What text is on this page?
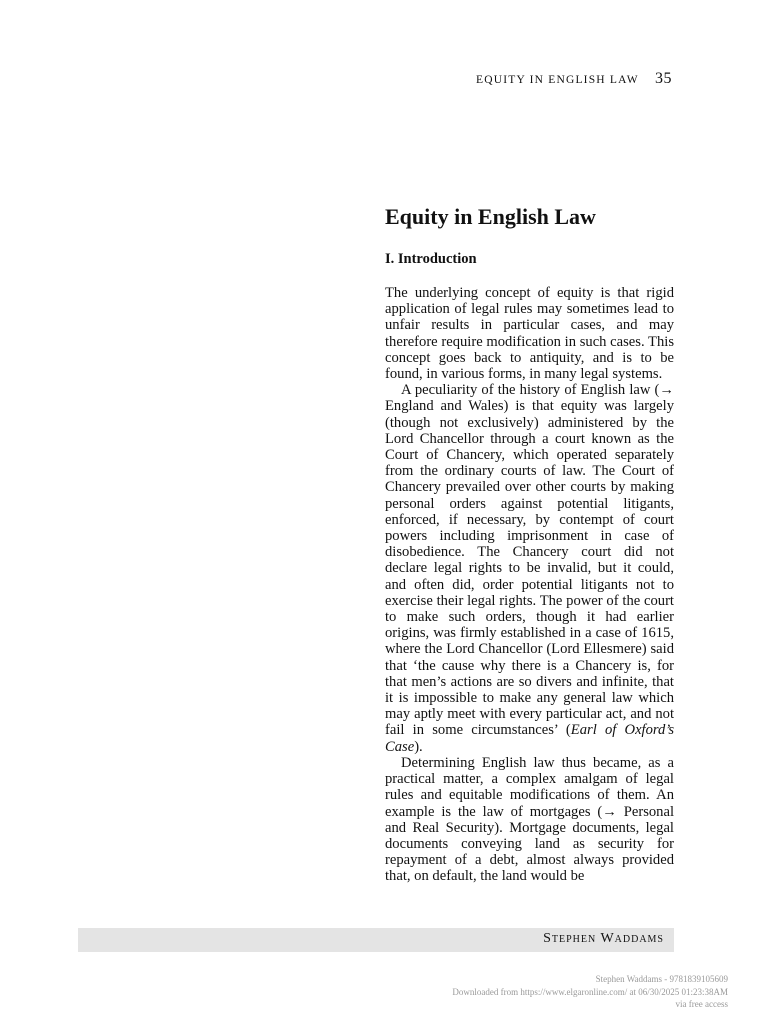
EQUITY IN ENGLISH LAW 35
Equity in English Law
I. Introduction

The underlying concept of equity is that rigid application of legal rules may sometimes lead to unfair results in particular cases, and may therefore require modification in such cases. This concept goes back to antiquity, and is to be found, in various forms, in many legal systems.

A peculiarity of the history of English law (→ England and Wales) is that equity was largely (though not exclusively) administered by the Lord Chancellor through a court known as the Court of Chancery, which operated separately from the ordinary courts of law. The Court of Chancery prevailed over other courts by making personal orders against potential litigants, enforced, if necessary, by contempt of court powers including imprisonment in case of disobedience. The Chancery court did not declare legal rights to be invalid, but it could, and often did, order potential litigants not to exercise their legal rights. The power of the court to make such orders, though it had earlier origins, was firmly established in a case of 1615, where the Lord Chancellor (Lord Ellesmere) said that ‘the cause why there is a Chancery is, for that men’s actions are so divers and infinite, that it is impossible to make any general law which may aptly meet with every particular act, and not fail in some circumstances’ (Earl of Oxford’s Case).

Determining English law thus became, as a practical matter, a complex amalgam of legal rules and equitable modifications of them. An example is the law of mortgages (→ Personal and Real Security). Mortgage documents, legal documents conveying land as security for repayment of a debt, almost always provided that, on default, the land would be

Stephen Waddams
Stephen Waddams - 9781839105609
Downloaded from https://www.elgaronline.com/ at 06/30/2025 01:23:38AM
via free access
